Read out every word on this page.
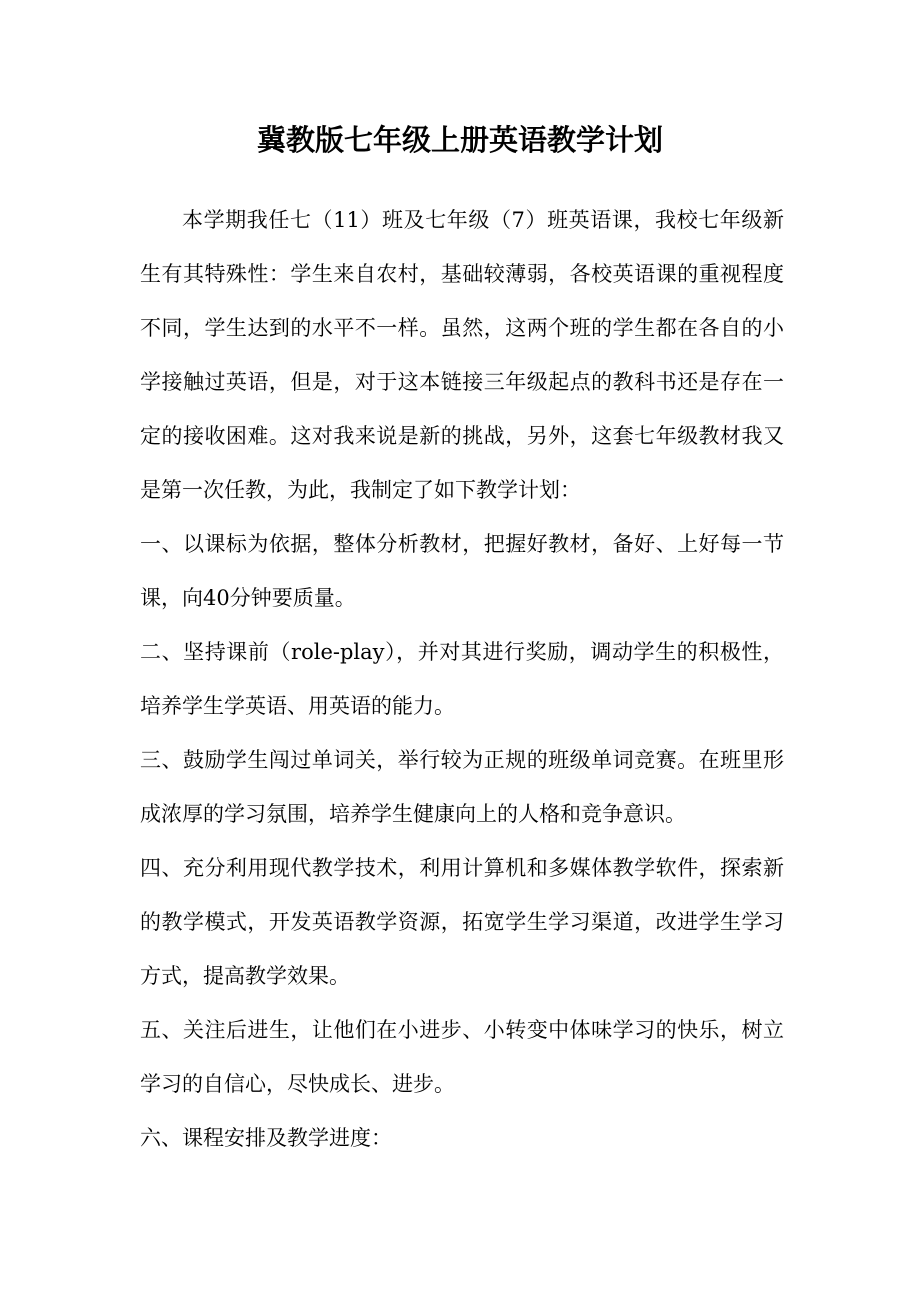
冀教版七年级上册英语教学计划

本学期我任七（11）班及七年级（7）班英语课，我校七年级新生有其特殊性：学生来自农村，基础较薄弱，各校英语课的重视程度不同，学生达到的水平不一样。虽然，这两个班的学生都在各自的小学接触过英语，但是，对于这本链接三年级起点的教科书还是存在一定的接收困难。这对我来说是新的挑战，另外，这套七年级教材我又是第一次任教，为此，我制定了如下教学计划：

一、以课标为依据，整体分析教材，把握好教材，备好、上好每一节课，向40分钟要质量。

二、坚持课前（role-play），并对其进行奖励，调动学生的积极性，培养学生学英语、用英语的能力。

三、鼓励学生闯过单词关，举行较为正规的班级单词竞赛。在班里形成浓厚的学习氛围，培养学生健康向上的人格和竞争意识。

四、充分利用现代教学技术，利用计算机和多媒体教学软件，探索新的教学模式，开发英语教学资源，拓宽学生学习渠道，改进学生学习方式，提高教学效果。

五、关注后进生，让他们在小进步、小转变中体味学习的快乐，树立学习的自信心，尽快成长、进步。

六、课程安排及教学进度：
